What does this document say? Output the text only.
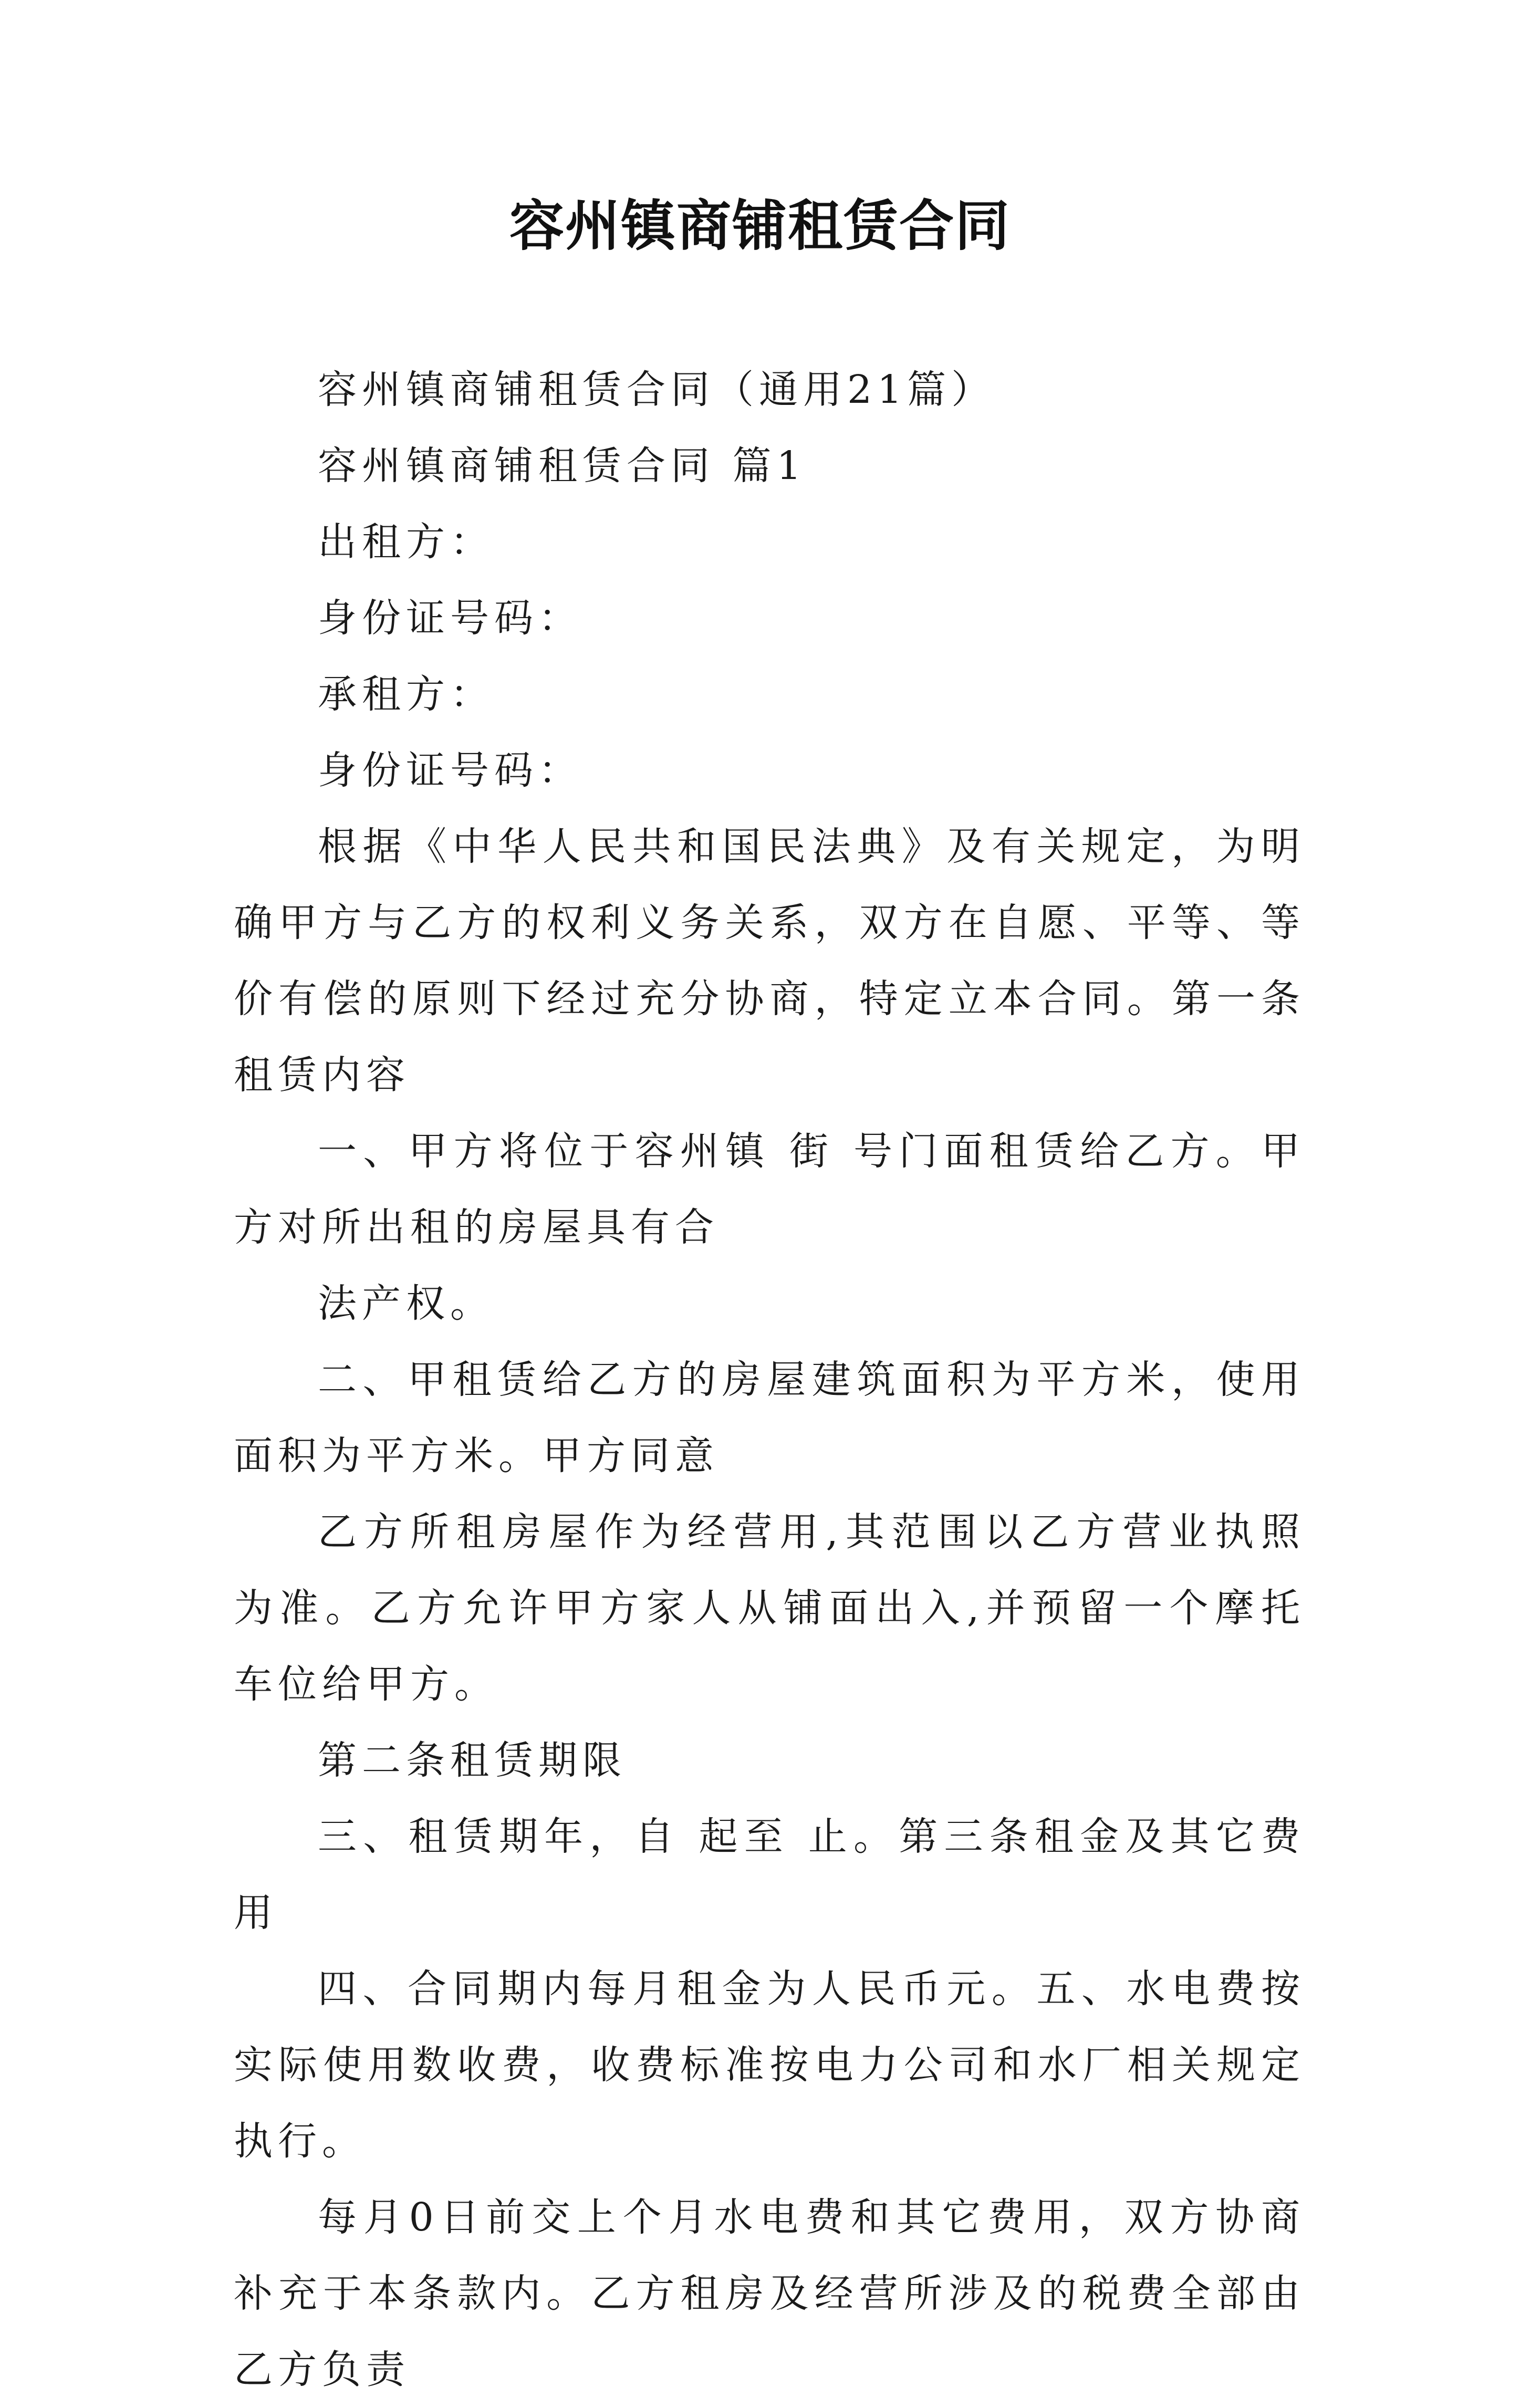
容州镇商铺租赁合同

容州镇商铺租赁合同（通用21篇）

容州镇商铺租赁合同 篇1

出租方：

身份证号码：

承租方：

身份证号码：

根据《中华人民共和国民法典》及有关规定，为明确甲方与乙方的权利义务关系，双方在自愿、平等、等价有偿的原则下经过充分协商，特定立本合同。第一条租赁内容

一、甲方将位于容州镇 街 号门面租赁给乙方。甲方对所出租的房屋具有合

法产权。

二、甲租赁给乙方的房屋建筑面积为平方米，使用面积为平方米。甲方同意

乙方所租房屋作为经营用,其范围以乙方营业执照为准。乙方允许甲方家人从铺面出入,并预留一个摩托车位给甲方。

第二条租赁期限

三、租赁期年，自 起至 止。第三条租金及其它费用

四、合同期内每月租金为人民币元。五、水电费按实际使用数收费，收费标准按电力公司和水厂相关规定执行。

每月0日前交上个月水电费和其它费用，双方协商补充于本条款内。乙方租房及经营所涉及的税费全部由乙方负责
